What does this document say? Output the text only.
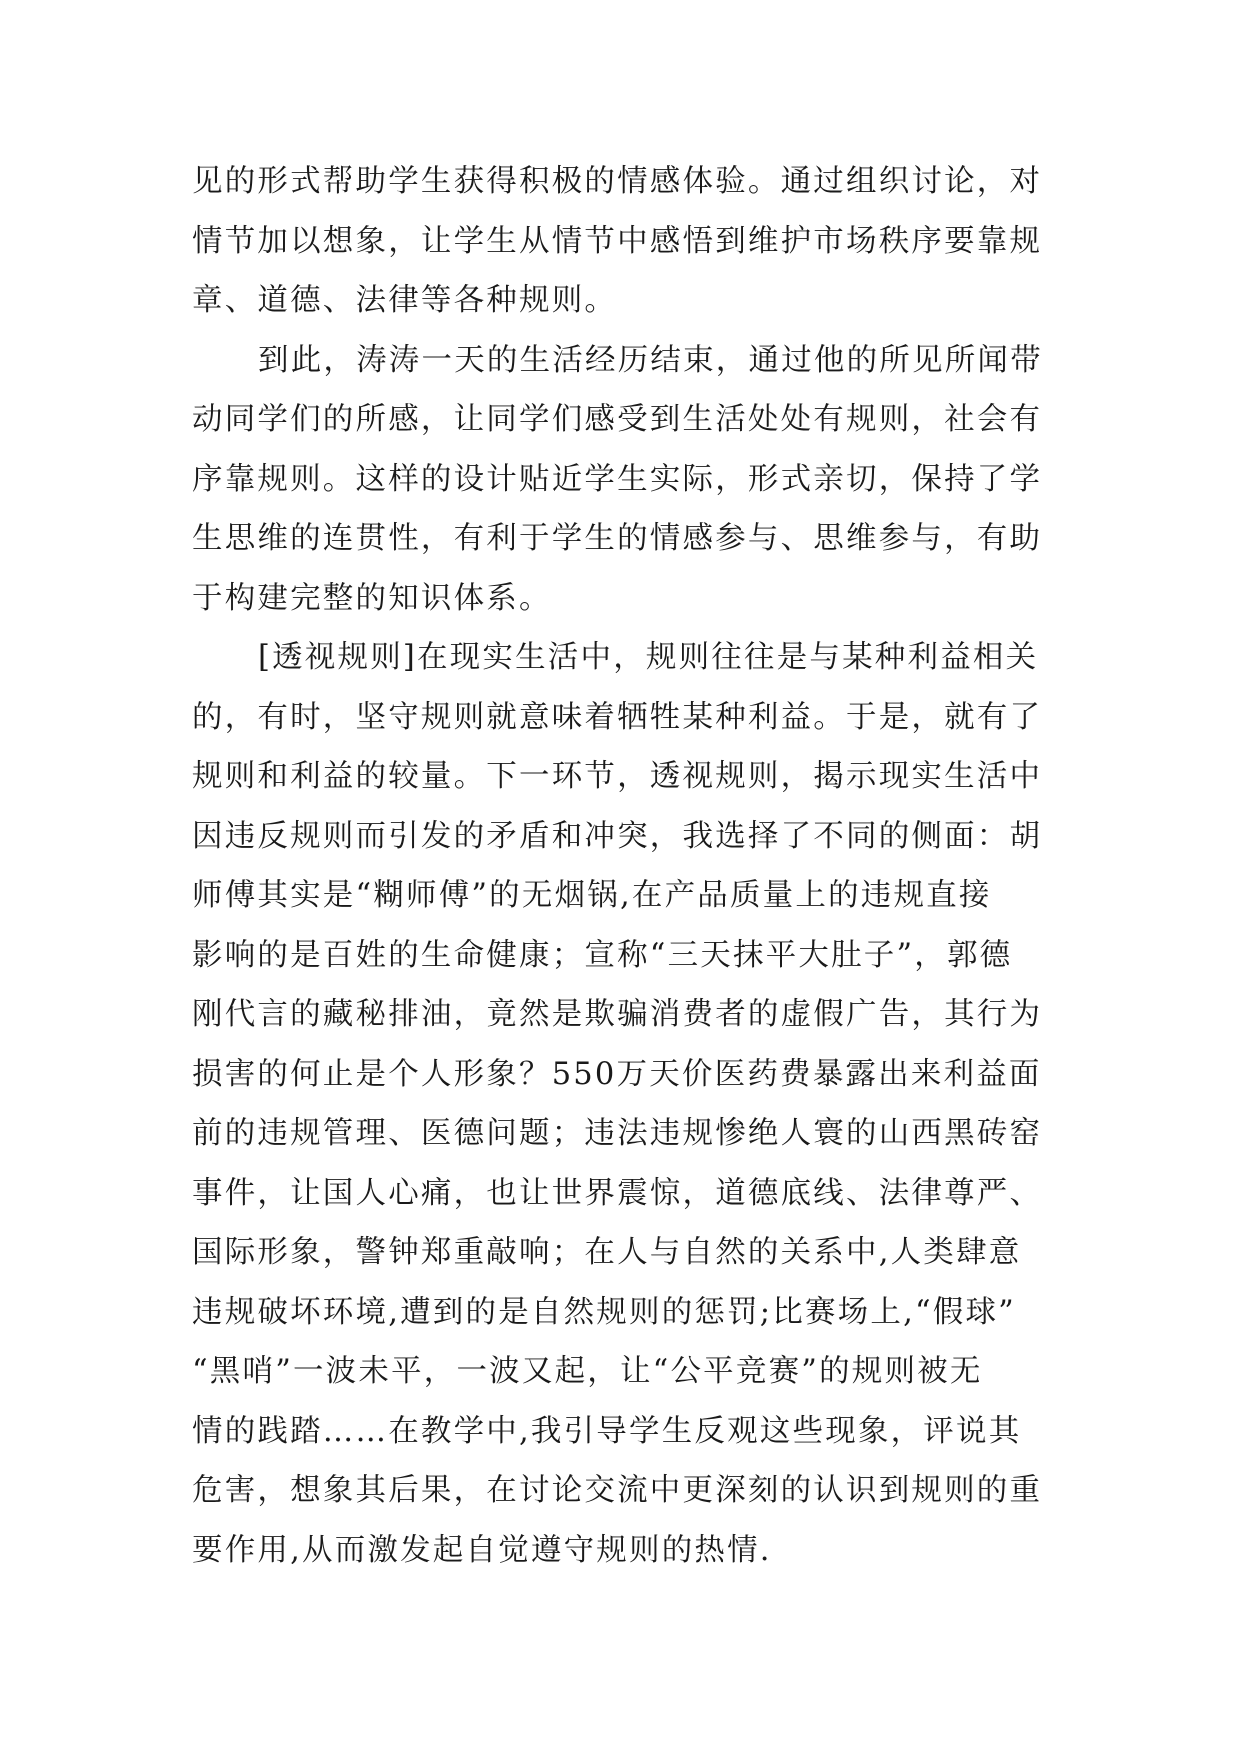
见的形式帮助学生获得积极的情感体验。通过组织讨论，对
情节加以想象，让学生从情节中感悟到维护市场秩序要靠规
章、道德、法律等各种规则。
到此，涛涛一天的生活经历结束，通过他的所见所闻带
动同学们的所感，让同学们感受到生活处处有规则，社会有
序靠规则。这样的设计贴近学生实际，形式亲切，保持了学
生思维的连贯性，有利于学生的情感参与、思维参与，有助
于构建完整的知识体系。
[透视规则]在现实生活中，规则往往是与某种利益相关
的，有时，坚守规则就意味着牺牲某种利益。于是，就有了
规则和利益的较量。下一环节，透视规则，揭示现实生活中
因违反规则而引发的矛盾和冲突，我选择了不同的侧面：胡
师傅其实是“糊师傅”的无烟锅,在产品质量上的违规直接
影响的是百姓的生命健康；宣称“三天抹平大肚子”，郭德
刚代言的藏秘排油，竟然是欺骗消费者的虚假广告，其行为
损害的何止是个人形象？550万天价医药费暴露出来利益面
前的违规管理、医德问题；违法违规惨绝人寰的山西黑砖窑
事件，让国人心痛，也让世界震惊，道德底线、法律尊严、
国际形象，警钟郑重敲响；在人与自然的关系中,人类肆意
违规破坏环境,遭到的是自然规则的惩罚;比赛场上,“假球”
“黑哨”一波未平，一波又起，让“公平竞赛”的规则被无
情的践踏……在教学中,我引导学生反观这些现象，评说其
危害，想象其后果，在讨论交流中更深刻的认识到规则的重
要作用,从而激发起自觉遵守规则的热情.
